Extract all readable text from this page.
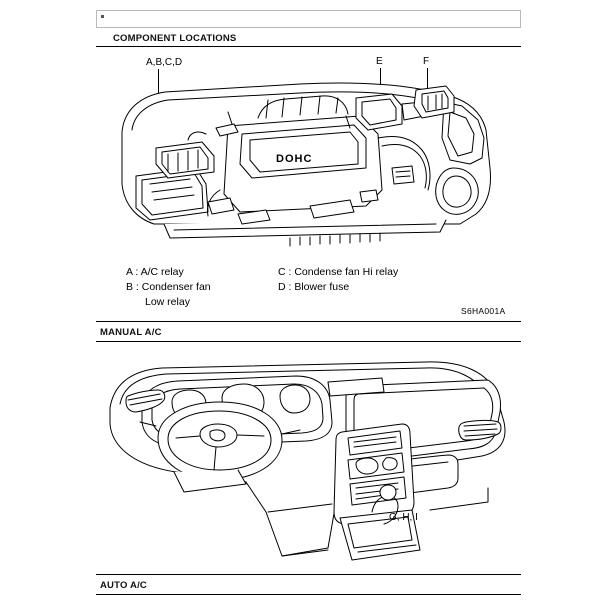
COMPONENT LOCATIONS
A,B,C,D	E	F
DOHC
A : A/C relay
B : Condenser fan
Low relay
C : Condense fan Hi relay
D : Blower fuse
S6HA001A
MANUAL A/C
G, H, I
AUTO A/C
